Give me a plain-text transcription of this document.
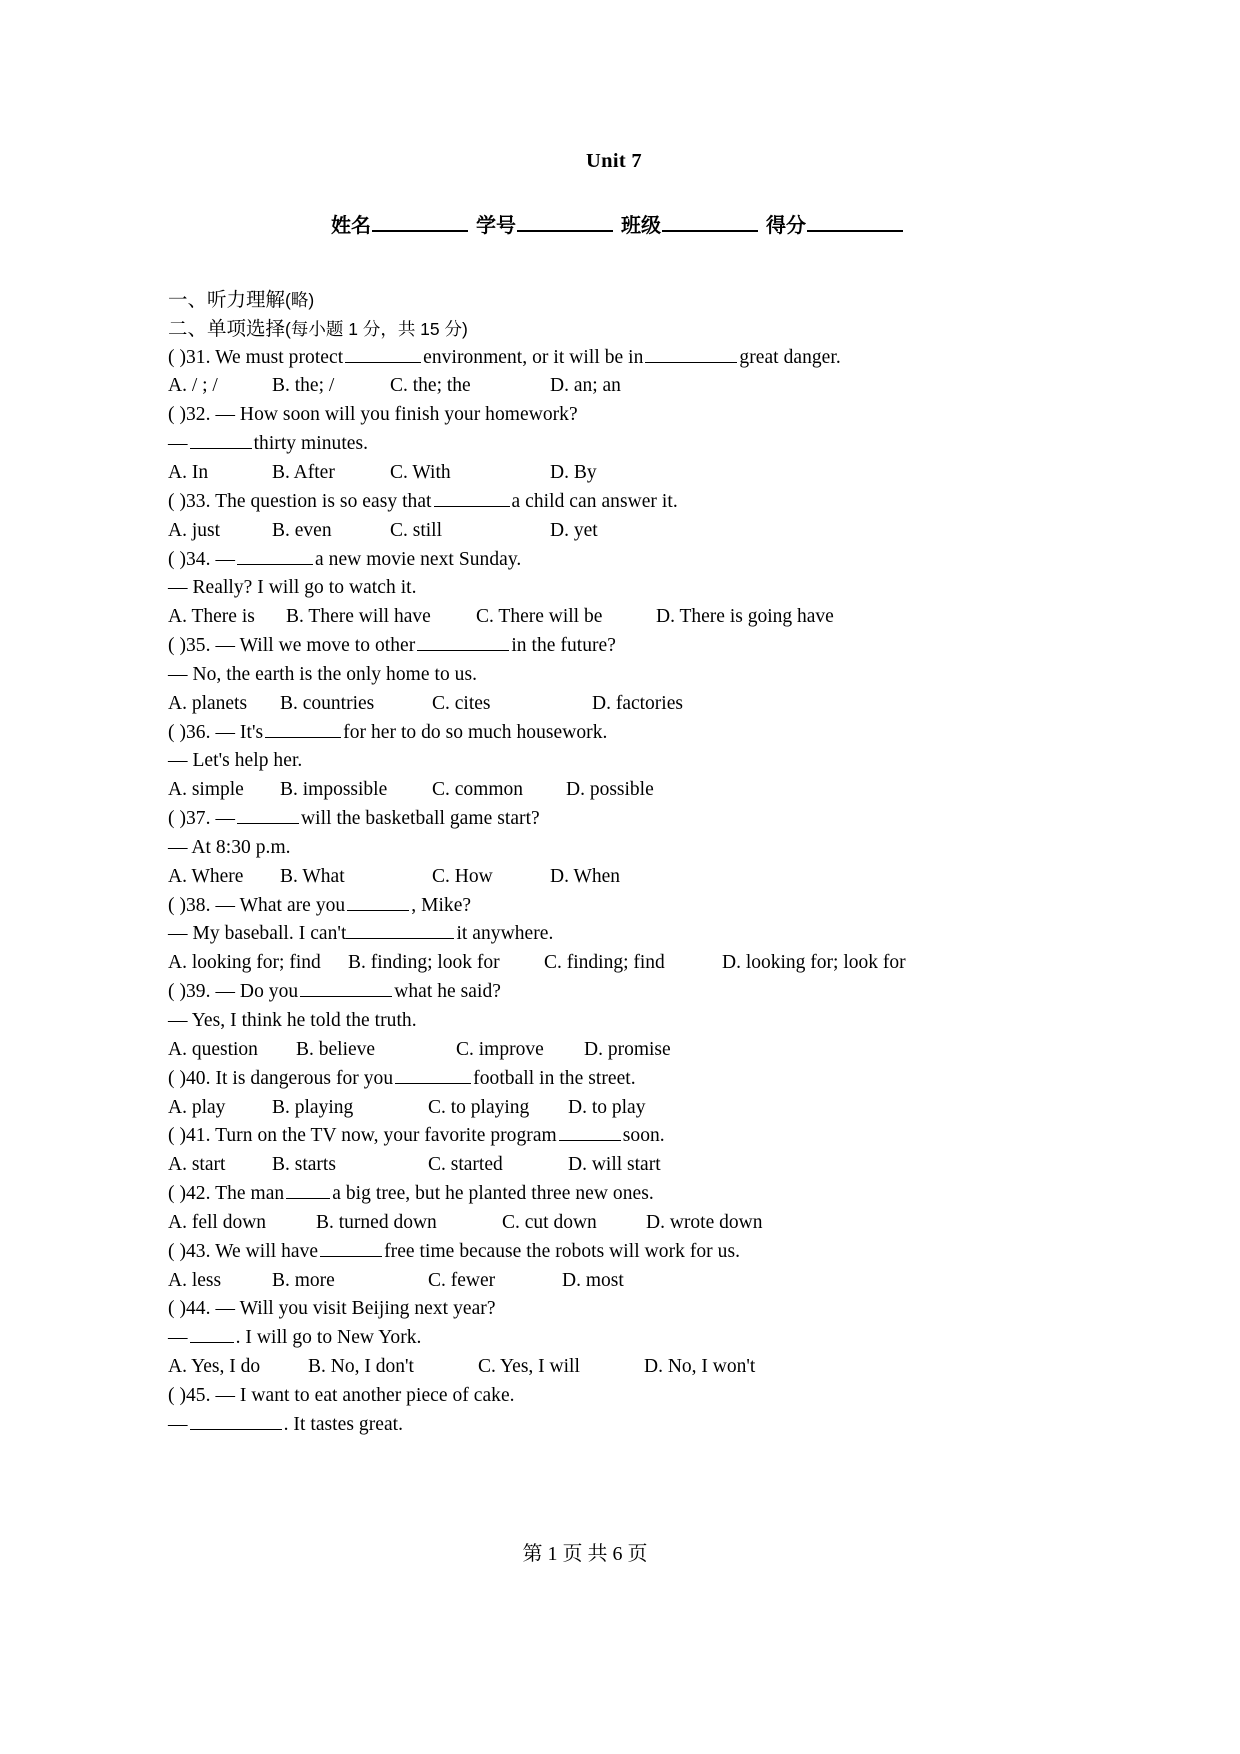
Unit 7
姓名	学号	班级	得分
一、听力理解(略)
二、单项选择(每小题 1 分，共 15 分)
( )31. We must protect	environment, or it will be in	great danger.
A. / ; /	B. the; /	C. the; the	D. an; an
( )32. — How soon will you finish your homework?
—	thirty minutes.
A. In	B. After	C. With	D. By
( )33. The question is so easy that	a child can answer it.
A. just	B. even	C. still	D. yet
( )34. —	a new movie next Sunday.
— Really? I will go to watch it.
A. There is B. There will have C. There will be	D. There is going have
( )35. — Will we move to other	in the future?
— No, the earth is the only home to us.
A. planets B. countries	C. cites	D. factories
( )36. — It's	for her to do so much housework.
— Let's help her.
A. simple B. impossible C. common D. possible
( )37. —	will the basketball game start?
— At 8:30 p.m.
A. Where B. What	C. How	D. When
( )38. — What are you	, Mike?
— My baseball. I can't	it anywhere.
A. looking for; find B. finding; look for C. finding; find	D. looking for; look for
( )39. — Do you	what he said?
— Yes, I think he told the truth.
A. question B. believe	C. improve D. promise
( )40. It is dangerous for you	football in the street.
A. play B. playing	C. to playing D. to play
( )41. Turn on the TV now, your favorite program	soon.
A. start B. starts	C. started	D. will start
( )42. The man a big tree, but he planted three new ones.
A. fell down	B. turned down	C. cut down	D. wrote down
( )43. We will have	free time because the robots will work for us.
A. less	B. more	C. fewer	D. most
( )44. — Will you visit Beijing next year?
— . I will go to New York.
A. Yes, I do B. No, I don't	C. Yes, I will	D. No, I won't
( )45. — I want to eat another piece of cake.
—	. It tastes great.
第 1 页 共 6 页
